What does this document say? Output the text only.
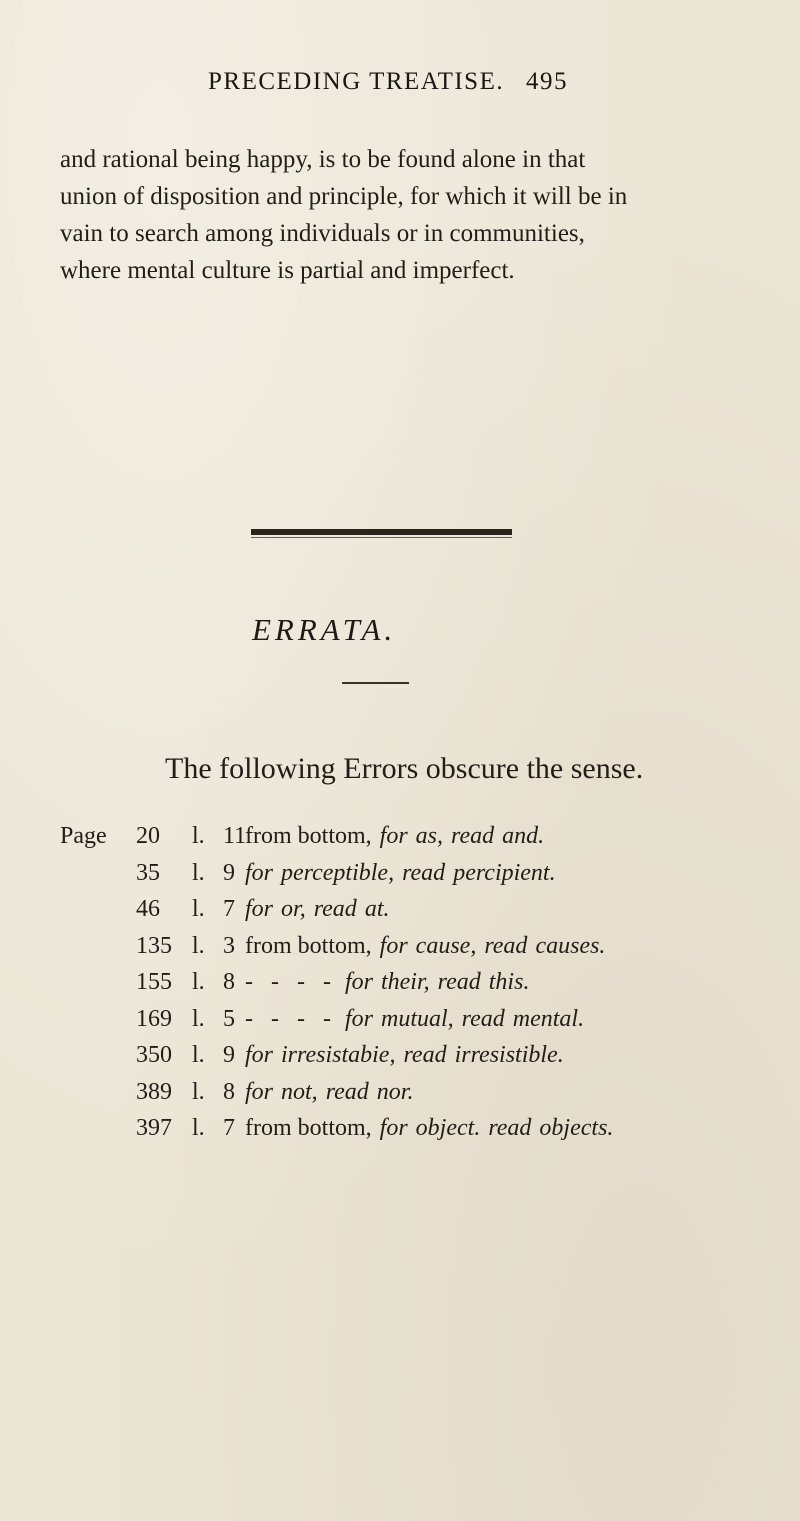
PRECEDING TREATISE. 495
and rational being happy, is to be found alone in that
union of disposition and principle, for which it will be in
vain to search among individuals or in communities,
where mental culture is partial and imperfect.
ERRATA.
The following Errors obscure the sense.
Page 20 l. 11from bottom, for as, read and.
35 l. 9 for perceptible, read percipient.
46 l. 7 for or, read at.
135 l. 3 from bottom, for cause, read causes.
155 l. 8 - - - - for their, read this.
169 l. 5 - - - - for mutual, read mental.
350 l. 9 for irresistabie, read irresistible.
389 l. 8 for not, read nor.
397 l. 7 from bottom, for object. read objects.
